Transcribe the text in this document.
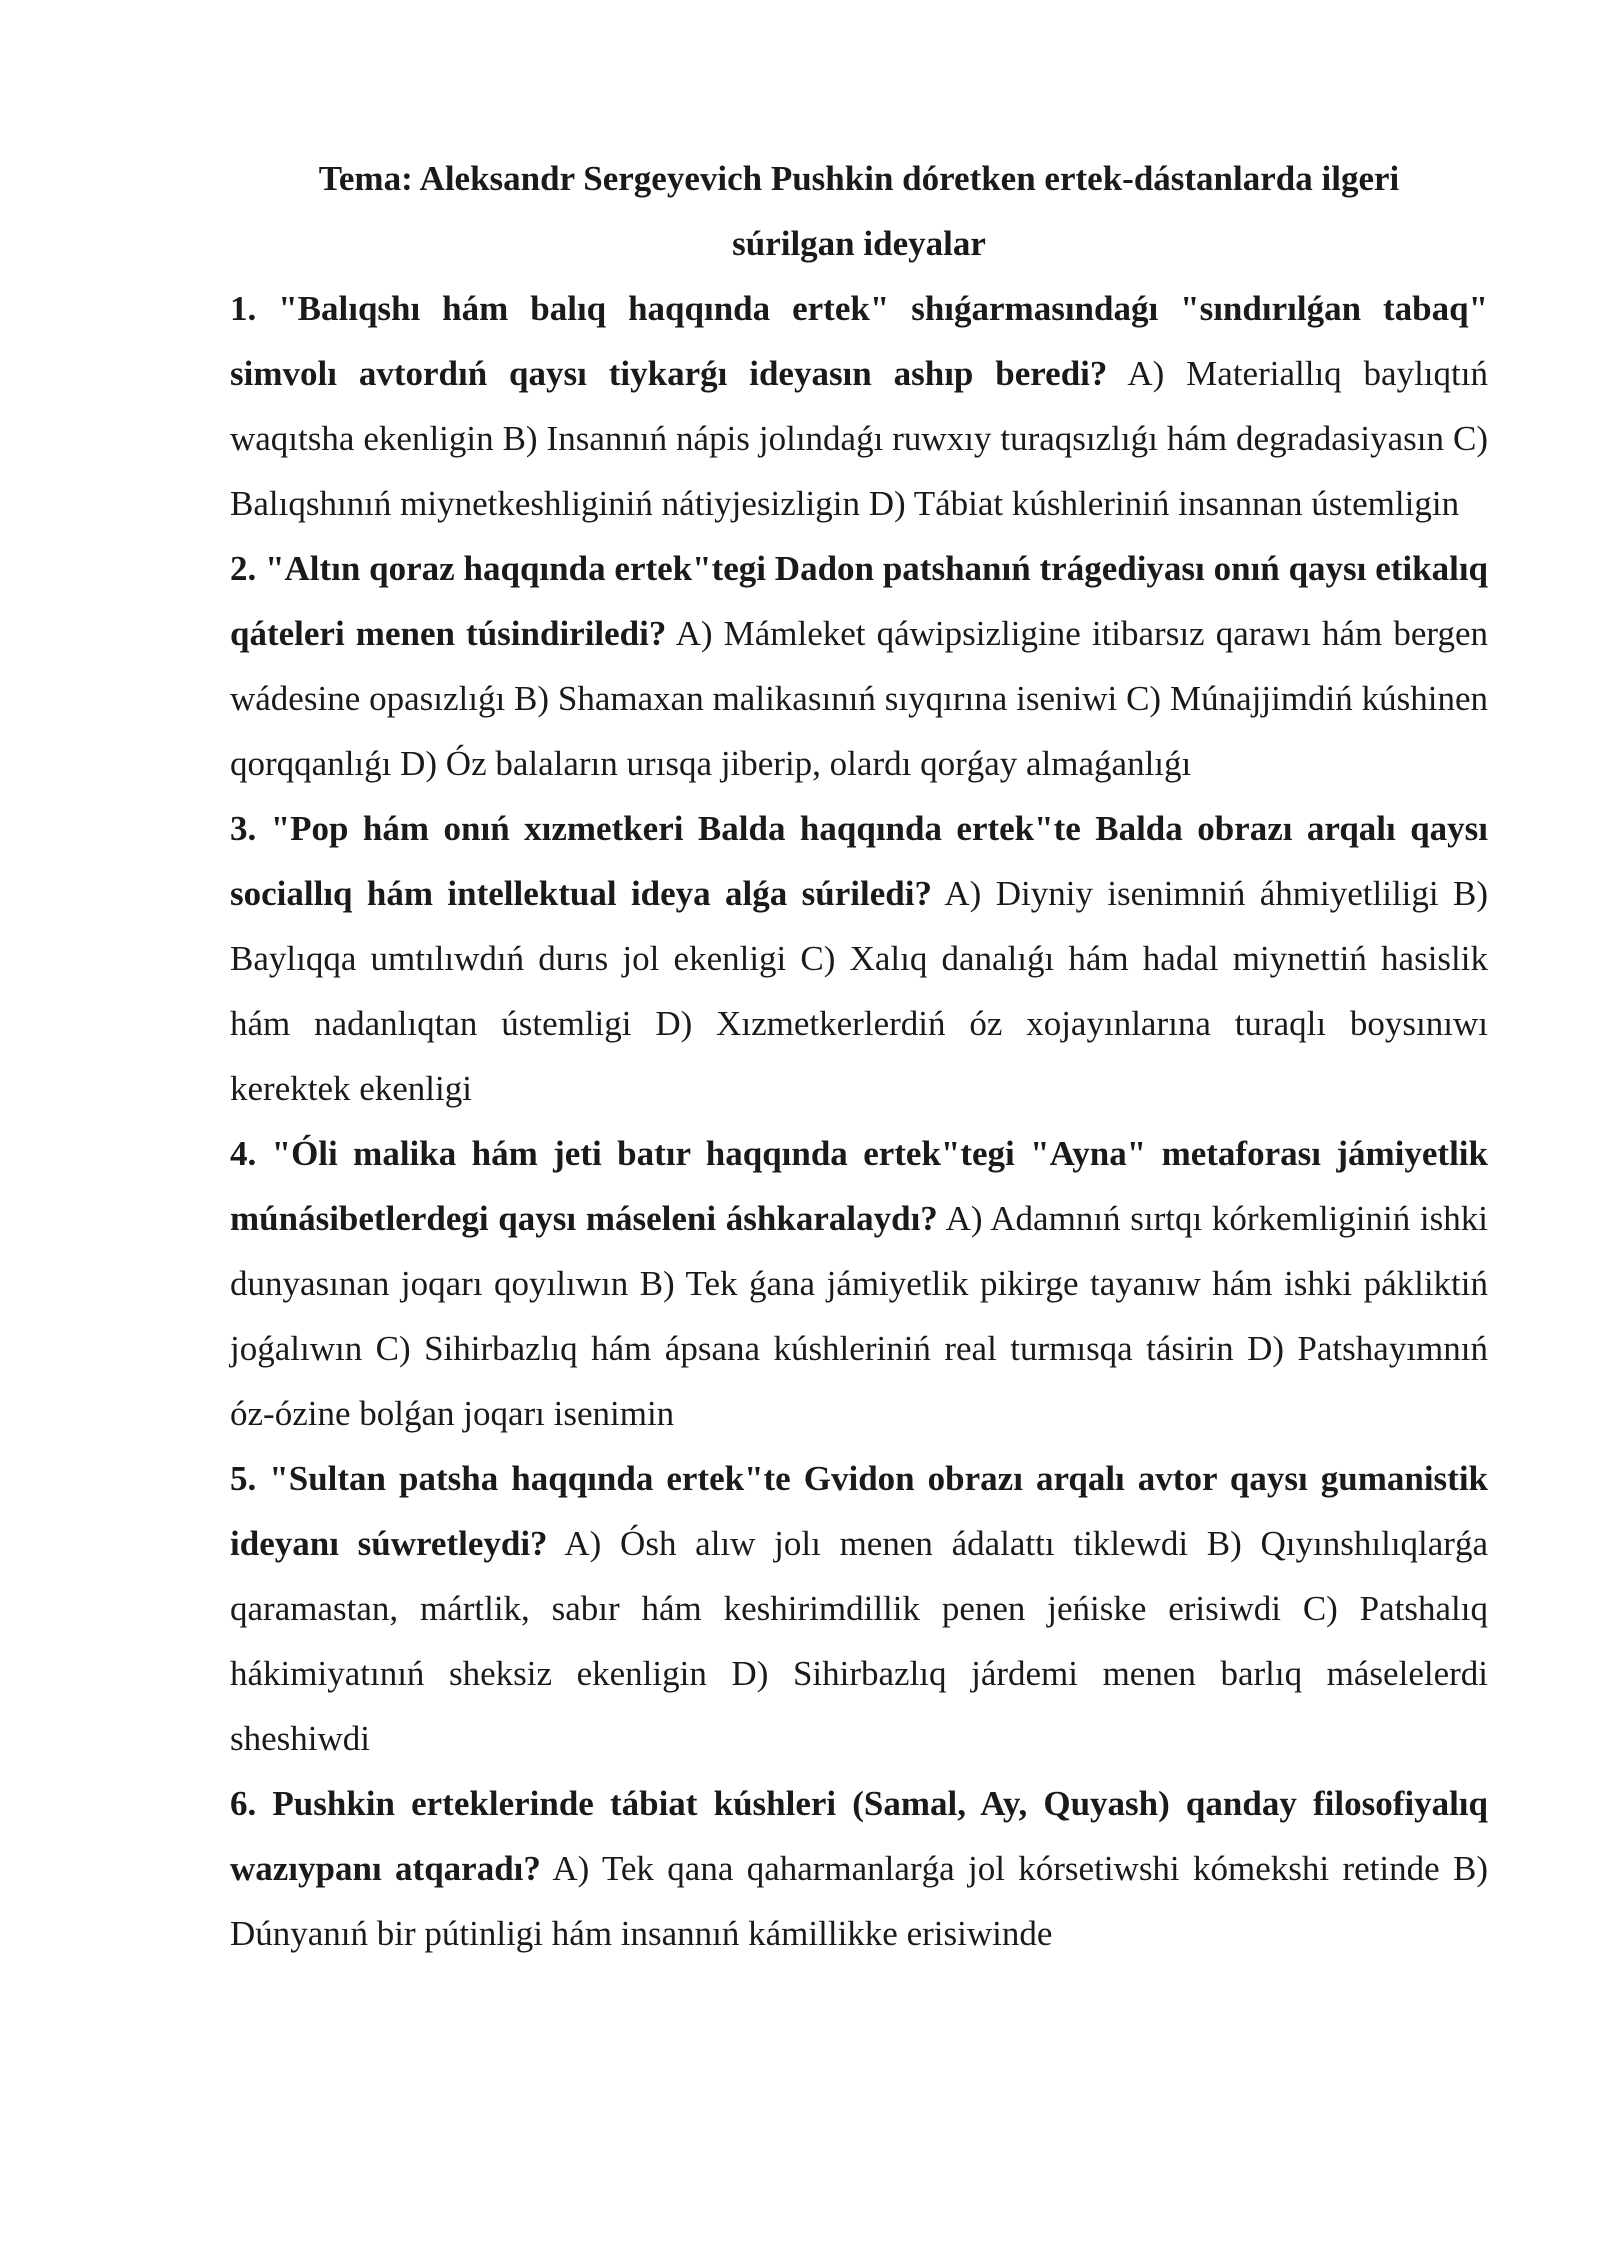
Tema: Aleksandr Sergeyevich Pushkin dóretken ertek-dástanlarda ilgeri súrilgan ideyalar

1. "Balıqshı hám balıq haqqında ertek" shıǵarmasındaǵı "sındırılǵan tabaq" simvolı avtordıń qaysı tiykarǵı ideyasın ashıp beredi? A) Materiallıq baylıqtıń waqıtsha ekenligin B) Insannıń nápis jolındaǵı ruwxıy turaqsızlıǵı hám degradasiyasın C) Balıqshınıń miynetkeshliginiń nátiyjesizligin D) Tábiat kúshleriniń insannan ústemligin

2. "Altın qoraz haqqında ertek"tegi Dadon patshanıń trágediyası onıń qaysı etikalıq qáteleri menen túsindiriledi? A) Mámleket qáwipsizligine itibarsız qarawı hám bergen wádesine opasızlıǵı B) Shamaxan malikasınıń sıyqırına iseniwi C) Múnajjimdiń kúshinen qorqqanlıǵı D) Óz balaların urısqa jiberip, olardı qorǵay almaǵanlıǵı

3. "Pop hám onıń xızmetkeri Balda haqqında ertek"te Balda obrazı arqalı qaysı sociallıq hám intellektual ideya alǵa súriledi? A) Diyniy isenimniń áhmiyetliligi B) Baylıqqa umtılıwdıń durıs jol ekenligi C) Xalıq danalıǵı hám hadal miynettiń hasislik hám nadanlıqtan ústemligi D) Xızmetkerlerdiń óz xojayınlarına turaqlı boysınıwı kerektek ekenligi

4. "Óli malika hám jeti batır haqqında ertek"tegi "Ayna" metaforası jámiyetlik múnásibetlerdegi qaysı máseleni áshkaralaydı? A) Adamnıń sırtqı kórkemliginiń ishki dunyasınan joqarı qoyılıwın B) Tek ǵana jámiyetlik pikirge tayanıw hám ishki pákliktiń joǵalıwın C) Sihirbazlıq hám ápsana kúshleriniń real turmısqa tásirin D) Patshayımnıń óz-ózine bolǵan joqarı isenimin

5. "Sultan patsha haqqında ertek"te Gvidon obrazı arqalı avtor qaysı gumanistik ideyanı súwretleydi? A) Ósh alıw jolı menen ádalattı tiklewdi B) Qıyınshılıqlarǵa qaramastan, mártlik, sabır hám keshirimdillik penen jeńiske erisiwdi C) Patshalıq hákimiyatınıń sheksiz ekenligin D) Sihirbazlıq járdemi menen barlıq máselelerdi sheshiwdi

6. Pushkin erteklerinde tábiat kúshleri (Samal, Ay, Quyash) qanday filosofiyalıq wazıypanı atqaradı? A) Tek qana qaharmanlarǵa jol kórsetiwshi kómekshi retinde B) Dúnyanıń bir pútinligi hám insannıń kámillikke erisiwinde
